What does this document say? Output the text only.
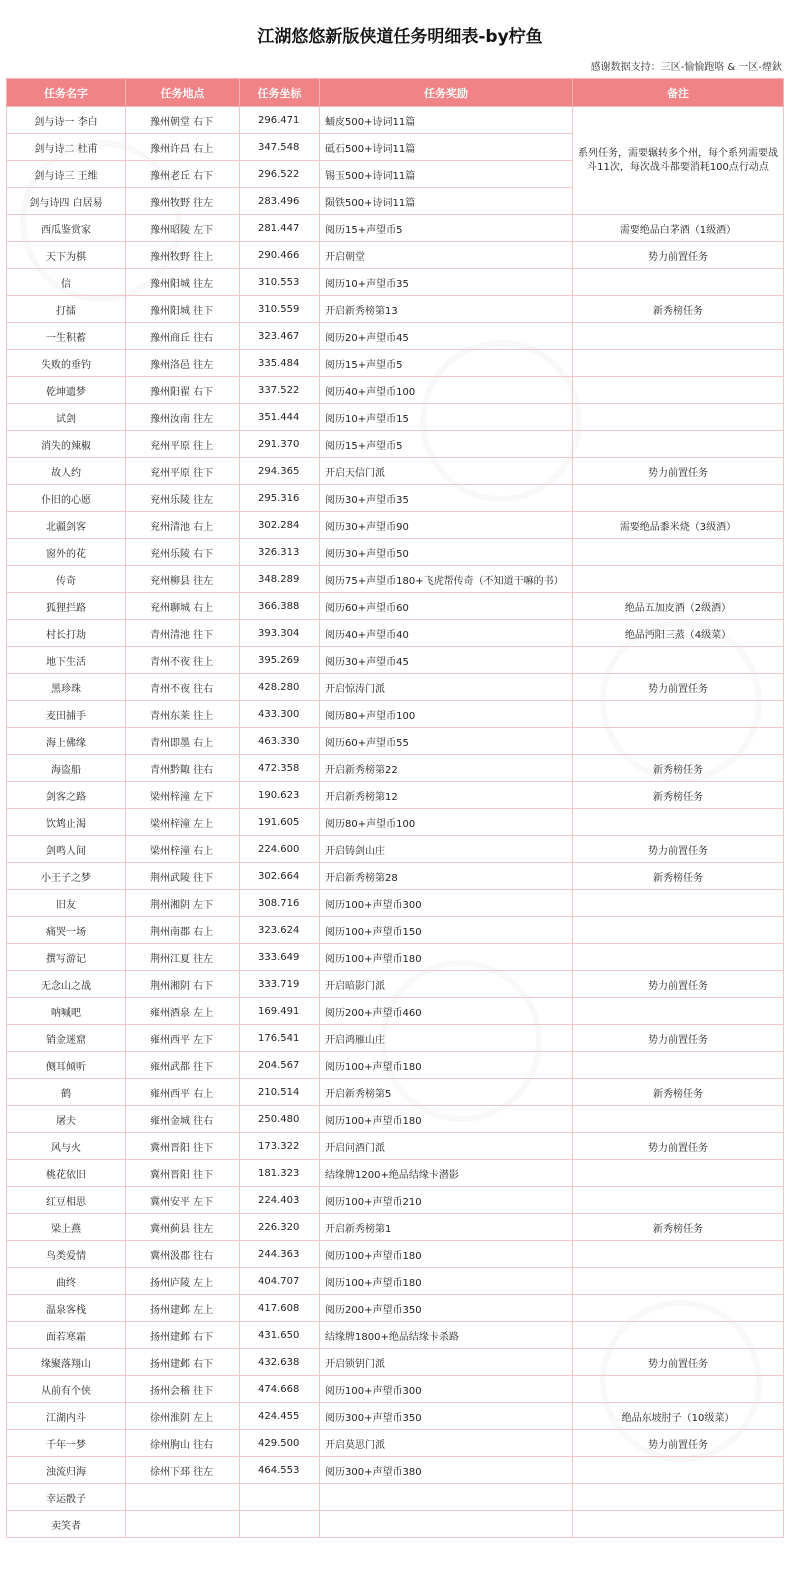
江湖悠悠新版侠道任务明细表-by柠鱼
感谢数据支持：三区-愉愉跑咯 & 一区-煙鈥
任务名字	任务地点	任务坐标	任务奖励	备注
剑与诗一 李白	豫州朝堂 右下	296.471	蛹皮500+诗词11篇	系列任务，需要辗转多个州，每个系列需要战斗11次，每次战斗都要消耗100点行动点
剑与诗二 杜甫	豫州许昌 右上	347.548	砥石500+诗词11篇	
剑与诗三 王维	豫州老丘 右下	296.522	锡玉500+诗词11篇	
剑与诗四 白居易	豫州牧野 往左	283.496	陨铁500+诗词11篇	
西瓜鉴赏家	豫州昭陵 左下	281.447	阅历15+声望币5	需要绝品白茅酒（1级酒）
天下为棋	豫州牧野 往上	290.466	开启朝堂	势力前置任务
信	豫州阳城 往左	310.553	阅历10+声望币35	
打擂	豫州阳城 往下	310.559	开启新秀榜第13	新秀榜任务
一生积蓄	豫州商丘 往右	323.467	阅历20+声望币45	
失败的垂钓	豫州洛邑 往左	335.484	阅历15+声望币5	
乾坤遗梦	豫州阳翟 右下	337.522	阅历40+声望币100	
试剑	豫州汝南 往左	351.444	阅历10+声望币15	
消失的辣椒	兖州平原 往上	291.370	阅历15+声望币5	
故人约	兖州平原 往下	294.365	开启天信门派	势力前置任务
仆旧的心愿	兖州乐陵 往左	295.316	阅历30+声望币35	
北疆剑客	兖州清池 右上	302.284	阅历30+声望币90	需要绝品黍米烧（3级酒）
窗外的花	兖州乐陵 右下	326.313	阅历30+声望币50	
传奇	兖州柳县 往左	348.289	阅历75+声望币180+飞虎帮传奇（不知道干嘛的书）	
狐狸拦路	兖州聊城 右上	366.388	阅历60+声望币60	绝品五加皮酒（2级酒）
村长打劫	青州清池 往下	393.304	阅历40+声望币40	绝品沔阳三蒸（4级菜）
地下生活	青州不夜 往上	395.269	阅历30+声望币45	
黑珍珠	青州不夜 往右	428.280	开启惊涛门派	势力前置任务
麦田捕手	青州东莱 往上	433.300	阅历80+声望币100	
海上佛缘	青州即墨 右上	463.330	阅历60+声望币55	
海盗船	青州黔陬 往右	472.358	开启新秀榜第22	新秀榜任务
剑客之路	梁州梓潼 左下	190.623	开启新秀榜第12	新秀榜任务
饮鸩止渴	梁州梓潼 左上	191.605	阅历80+声望币100	
剑鸣人间	梁州梓潼 右上	224.600	开启铸剑山庄	势力前置任务
小王子之梦	荆州武陵 往下	302.664	开启新秀榜第28	新秀榜任务
旧友	荆州湘阴 左下	308.716	阅历100+声望币300	
痛哭一场	荆州南郡 右上	323.624	阅历100+声望币150	
撰写游记	荆州江夏 往左	333.649	阅历100+声望币180	
无念山之战	荆州湘阴 右下	333.719	开启暗影门派	势力前置任务
呐喊吧	雍州酒泉 左上	169.491	阅历200+声望币460	
销金迷窟	雍州西平 左下	176.541	开启鸿雁山庄	势力前置任务
侧耳倾听	雍州武都 往下	204.567	阅历100+声望币180	
鹤	雍州西平 右上	210.514	开启新秀榜第5	新秀榜任务
屠夫	雍州金城 往右	250.480	阅历100+声望币180	
风与火	冀州晋阳 往下	173.322	开启问酒门派	势力前置任务
桃花依旧	冀州晋阳 往下	181.323	结缘牌1200+绝品结缘卡潜影	
红豆相思	冀州安平 左下	224.403	阅历100+声望币210	
梁上燕	冀州蓟县 往左	226.320	开启新秀榜第1	新秀榜任务
鸟类爱情	冀州汲郡 往右	244.363	阅历100+声望币180	
曲终	扬州庐陵 左上	404.707	阅历100+声望币180	
温泉客栈	扬州建邺 左上	417.608	阅历200+声望币350	
面若寒霜	扬州建邺 右下	431.650	结缘牌1800+绝品结缘卡杀路	
缘聚落翔山	扬州建邺 右下	432.638	开启锁钥门派	势力前置任务
从前有个侠	扬州会稽 往下	474.668	阅历100+声望币300	
江湖内斗	徐州淮阴 左上	424.455	阅历300+声望币350	绝品东坡肘子（10级菜）
千年一梦	徐州朐山 往右	429.500	开启莫思门派	势力前置任务
浊流归海	徐州下邳 往左	464.553	阅历300+声望币380	
幸运骰子				
卖笑者				
